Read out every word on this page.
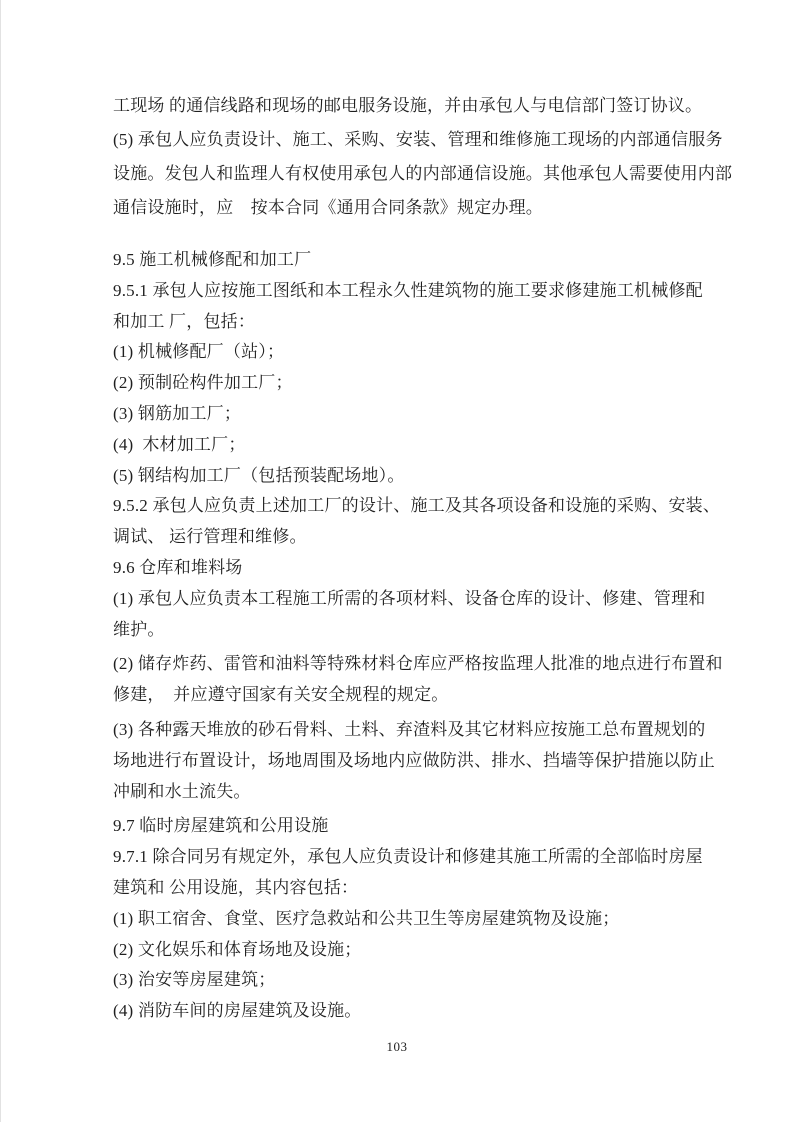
工现场 的通信线路和现场的邮电服务设施，并由承包人与电信部门签订协议。
(5) 承包人应负责设计、施工、采购、安装、管理和维修施工现场的内部通信服务
设施。发包人和监理人有权使用承包人的内部通信设施。其他承包人需要使用内部
通信设施时，应　按本合同《通用合同条款》规定办理。
9.5 施工机械修配和加工厂
9.5.1 承包人应按施工图纸和本工程永久性建筑物的施工要求修建施工机械修配
和加工 厂，包括：
(1) 机械修配厂（站）；
(2) 预制砼构件加工厂；
(3) 钢筋加工厂；
(4)  木材加工厂；
(5) 钢结构加工厂（包括预装配场地）。
9.5.2 承包人应负责上述加工厂的设计、施工及其各项设备和设施的采购、安装、
调试、 运行管理和维修。
9.6 仓库和堆料场
(1) 承包人应负责本工程施工所需的各项材料、设备仓库的设计、修建、管理和
维护。
(2) 储存炸药、雷管和油料等特殊材料仓库应严格按监理人批准的地点进行布置和
修建，　并应遵守国家有关安全规程的规定。
(3) 各种露天堆放的砂石骨料、土料、弃渣料及其它材料应按施工总布置规划的
场地进行布置设计，场地周围及场地内应做防洪、排水、挡墙等保护措施以防止
冲刷和水土流失。
9.7 临时房屋建筑和公用设施
9.7.1 除合同另有规定外，承包人应负责设计和修建其施工所需的全部临时房屋
建筑和 公用设施，其内容包括：
(1) 职工宿舍、食堂、医疗急救站和公共卫生等房屋建筑物及设施；
(2) 文化娱乐和体育场地及设施；
(3) 治安等房屋建筑；
(4) 消防车间的房屋建筑及设施。
103
